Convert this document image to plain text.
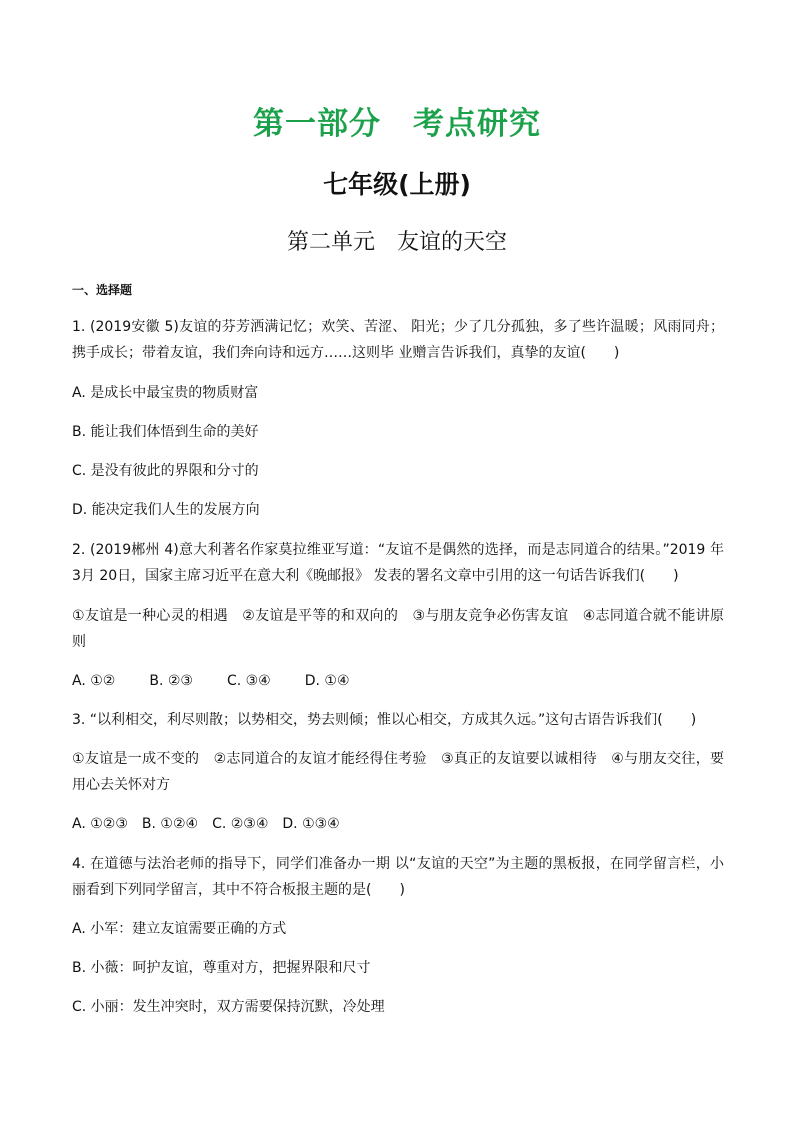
第一部分　考点研究
七年级(上册)
第二单元　友谊的天空
一、选择题
1. (2019安徽 5)友谊的芬芳洒满记忆；欢笑、苦涩、 阳光；少了几分孤独，多了些许温暖；风雨同舟；携手成长；带着友谊，我们奔向诗和远方……这则毕 业赠言告诉我们，真挚的友谊(　　)
A. 是成长中最宝贵的物质财富
B. 能让我们体悟到生命的美好
C. 是没有彼此的界限和分寸的
D. 能决定我们人生的发展方向
2. (2019郴州 4)意大利著名作家莫拉维亚写道：“友谊不是偶然的选择，而是志同道合的结果。”2019 年3月 20日，国家主席习近平在意大利《晚邮报》 发表的署名文章中引用的这一句话告诉我们(　　)
①友谊是一种心灵的相遇　②友谊是平等的和双向的　③与朋友竞争必伤害友谊　④志同道合就不能讲原则
A. ①② B. ②③ C. ③④ D. ①④
3. “以利相交，利尽则散；以势相交，势去则倾；惟以心相交，方成其久远。”这句古语告诉我们(　　)
①友谊是一成不变的　②志同道合的友谊才能经得住考验　③真正的友谊要以诚相待　④与朋友交往，要用心去关怀对方
A. ①②③　 B. ①②④　 C. ②③④　 D. ①③④
4. 在道德与法治老师的指导下，同学们准备办一期 以“友谊的天空”为主题的黑板报，在同学留言栏，小丽看到下列同学留言，其中不符合板报主题的是(　　)
A. 小军：建立友谊需要正确的方式
B. 小薇：呵护友谊，尊重对方，把握界限和尺寸
C. 小丽：发生冲突时，双方需要保持沉默，冷处理
